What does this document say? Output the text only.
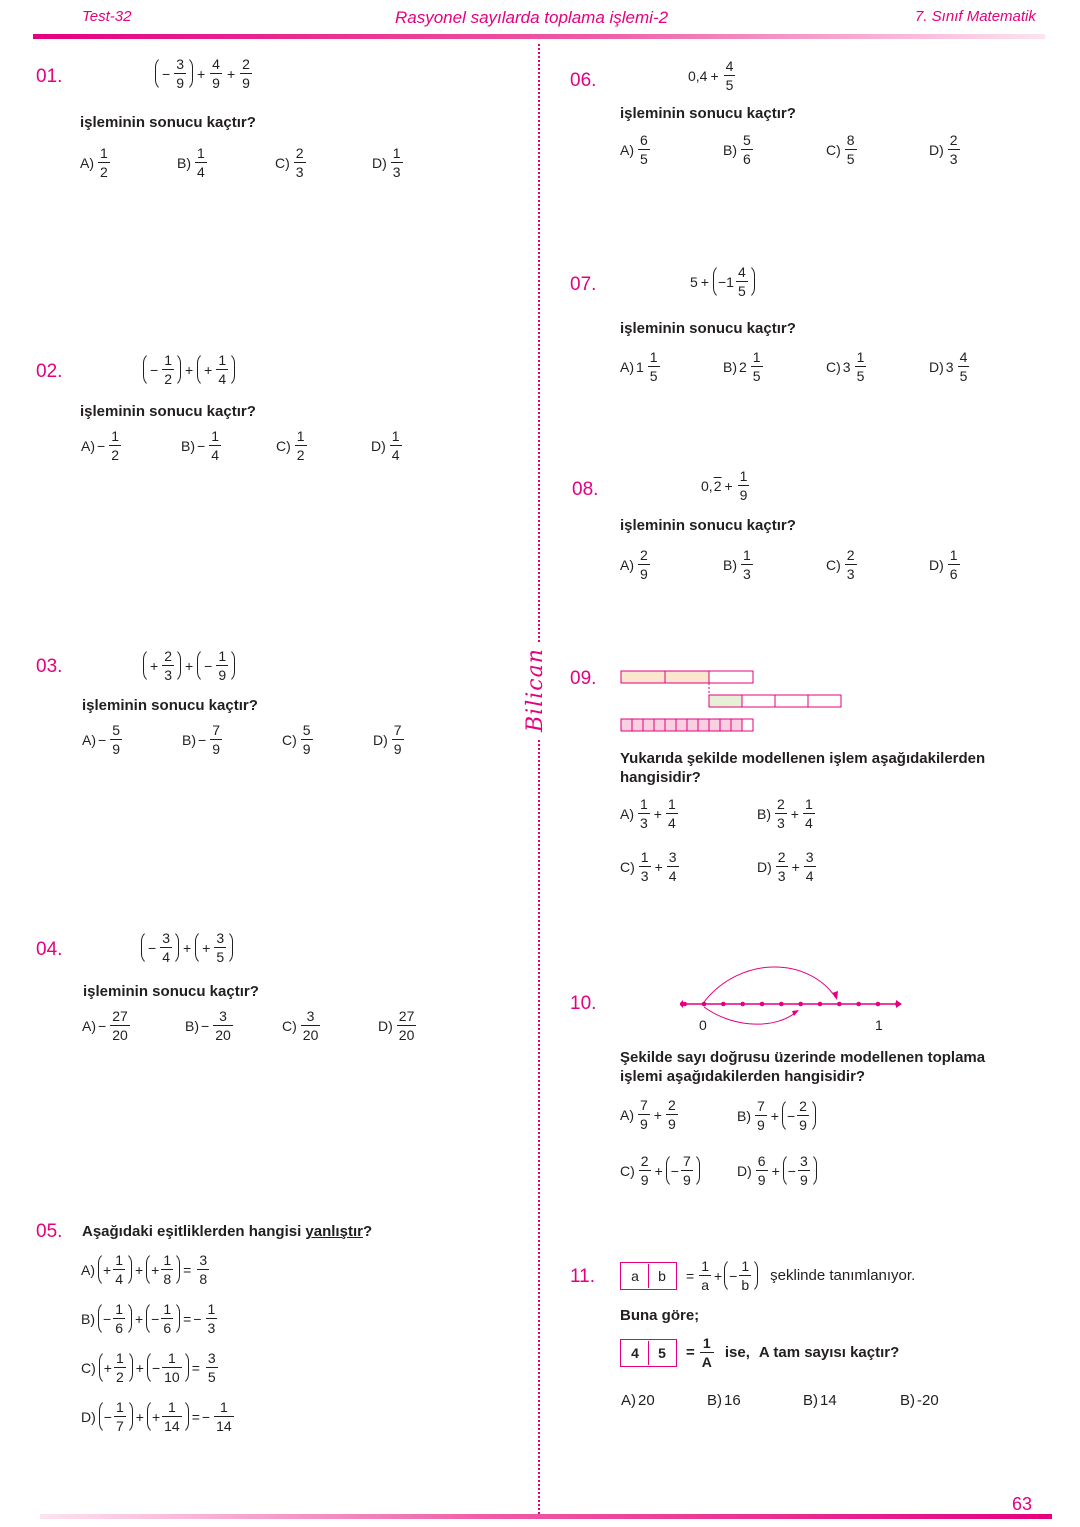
Test-32	Rasyonel sayılarda toplama işlemi-2	7. Sınıf Matematik
Bilican
01.	− $\frac{3}{9} + \frac{4}{9} + \frac{2}{9}$
işleminin sonucu kaçtır?
A)
1
2
B)
1
4
C)
2
3
D)
1
3
02.	− $\frac{1}{2}$ + + $\frac{1}{4}$
işleminin sonucu kaçtır?
$A) - \frac{1}{2}$	$B) - \frac{1}{4}$	C)
1
2
D)
1
4
03.	+ $\frac{2}{3}$ + − $\frac{1}{9}$
işleminin sonucu kaçtır?
$A) - \frac{5}{9}$	$B) - \frac{7}{9}$	C)
5
9
D)
7
9
04.	− $\frac{3}{4}$ + + $\frac{3}{5}$
işleminin sonucu kaçtır?
$A) - \frac{27}{20}$	$B) - \frac{3}{20}$	C)
3
20
D)
27
20
05. Aşağıdaki eşitliklerden hangisi yanlıştır?
$A) + \frac{1}{4}$ + + $\frac{1}{8}$ =
3
8
$B) - \frac{1}{6}$ + − $\frac{1}{6}$ = − $\frac{1}{3}$
$C) + \frac{1}{2}$ + − $\frac{1}{10}$ =
3
5
$D) - \frac{1}{7}$ + + $\frac{1}{14}$ = − $\frac{1}{14}$
06.	$0,4 + \frac{4}{5}$
işleminin sonucu kaçtır?
A)
6
5
B)
5
6
C)
8
5
D)
2
3
07.	5 + − 1
4
5
işleminin sonucu kaçtır?
A) 1
1
5
B) 2
1
5
C) 3
1
5
D) 3
4
5
08.	0, $2 + \frac{1}{9}$
işleminin sonucu kaçtır?
A)
2
9
B)
1
3
C)
2
3
D)
1
6
09.
Yukarıda şekilde modellenen işlem aşağıdakilerden hangisidir?
A)
1
3
+ $\frac{1}{4}$	B)
2
3
+ $\frac{1}{4}$
C)
1
3
+ $\frac{3}{4}$	D)
2
3
+ $\frac{3}{4}$
10.
0	1
Şekilde sayı doğrusu üzerinde modellenen toplama işlemi aşağıdakilerden hangisidir?
A)
7
9
+ $\frac{2}{9}$	B)
7
9
+ − $\frac{2}{9}$
C)
2
9
+ − $\frac{7}{9}$	D)
6
9
+ − $\frac{3}{9}$
11.	a	b	= $\frac{1}{a}$ + − $\frac{1}{b}$ şeklinde tanımlanıyor.
Buna göre;
4	5	= $\frac{1}{A}$ ise, A tam sayısı kaçtır?
A) 20	B) 16	B) 14	B) -20
63
